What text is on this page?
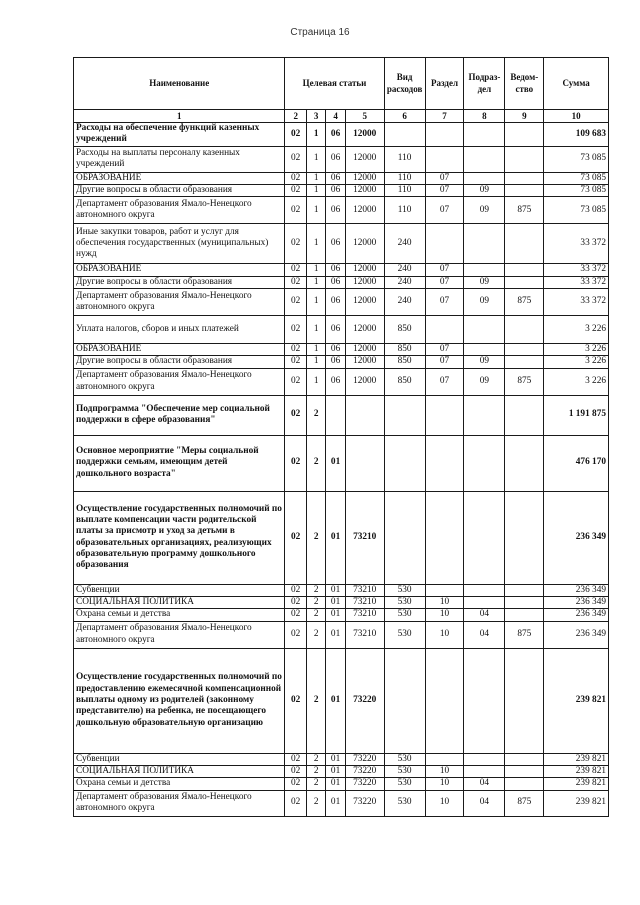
Страница 16
Наименование	Целевая статьи				Вид расходов	Раздел	Подраз-дел	Ведом-ство	Сумма
1	2	3	4	5	6	7	8	9	10
Расходы на обеспечение функций казенных учреждений	02	1	06	12000					109 683
Расходы на выплаты персоналу казенных учреждений	02	1	06	12000	110				73 085
ОБРАЗОВАНИЕ	02	1	06	12000	110	07			73 085
Другие вопросы в области образования	02	1	06	12000	110	07	09		73 085
Департамент образования Ямало-Ненецкого автономного округа	02	1	06	12000	110	07	09	875	73 085
Иные закупки товаров, работ и услуг для обеспечения государственных (муниципальных) нужд	02	1	06	12000	240				33 372
ОБРАЗОВАНИЕ	02	1	06	12000	240	07			33 372
Другие вопросы в области образования	02	1	06	12000	240	07	09		33 372
Департамент образования Ямало-Ненецкого автономного округа	02	1	06	12000	240	07	09	875	33 372
Уплата налогов, сборов и иных платежей	02	1	06	12000	850				3 226
ОБРАЗОВАНИЕ	02	1	06	12000	850	07			3 226
Другие вопросы в области образования	02	1	06	12000	850	07	09		3 226
Департамент образования Ямало-Ненецкого автономного округа	02	1	06	12000	850	07	09	875	3 226
Подпрограмма "Обеспечение мер социальной поддержки в сфере образования"	02	2							1 191 875
Основное мероприятие "Меры социальной поддержки семьям, имеющим детей дошкольного возраста"	02	2	01						476 170
Осуществление государственных полномочий по выплате компенсации части родительской платы за присмотр и уход за детьми в образовательных организациях, реализующих образовательную программу дошкольного образования	02	2	01	73210					236 349
Субвенции	02	2	01	73210	530				236 349
СОЦИАЛЬНАЯ ПОЛИТИКА	02	2	01	73210	530	10			236 349
Охрана семьи и детства	02	2	01	73210	530	10	04		236 349
Департамент образования Ямало-Ненецкого автономного округа	02	2	01	73210	530	10	04	875	236 349
Осуществление государственных полномочий по предоставлению ежемесячной компенсационной выплаты одному из родителей (законному представителю) на ребенка, не посещающего дошкольную образовательную организацию	02	2	01	73220					239 821
Субвенции	02	2	01	73220	530				239 821
СОЦИАЛЬНАЯ ПОЛИТИКА	02	2	01	73220	530	10			239 821
Охрана семьи и детства	02	2	01	73220	530	10	04		239 821
Департамент образования Ямало-Ненецкого автономного округа	02	2	01	73220	530	10	04	875	239 821
